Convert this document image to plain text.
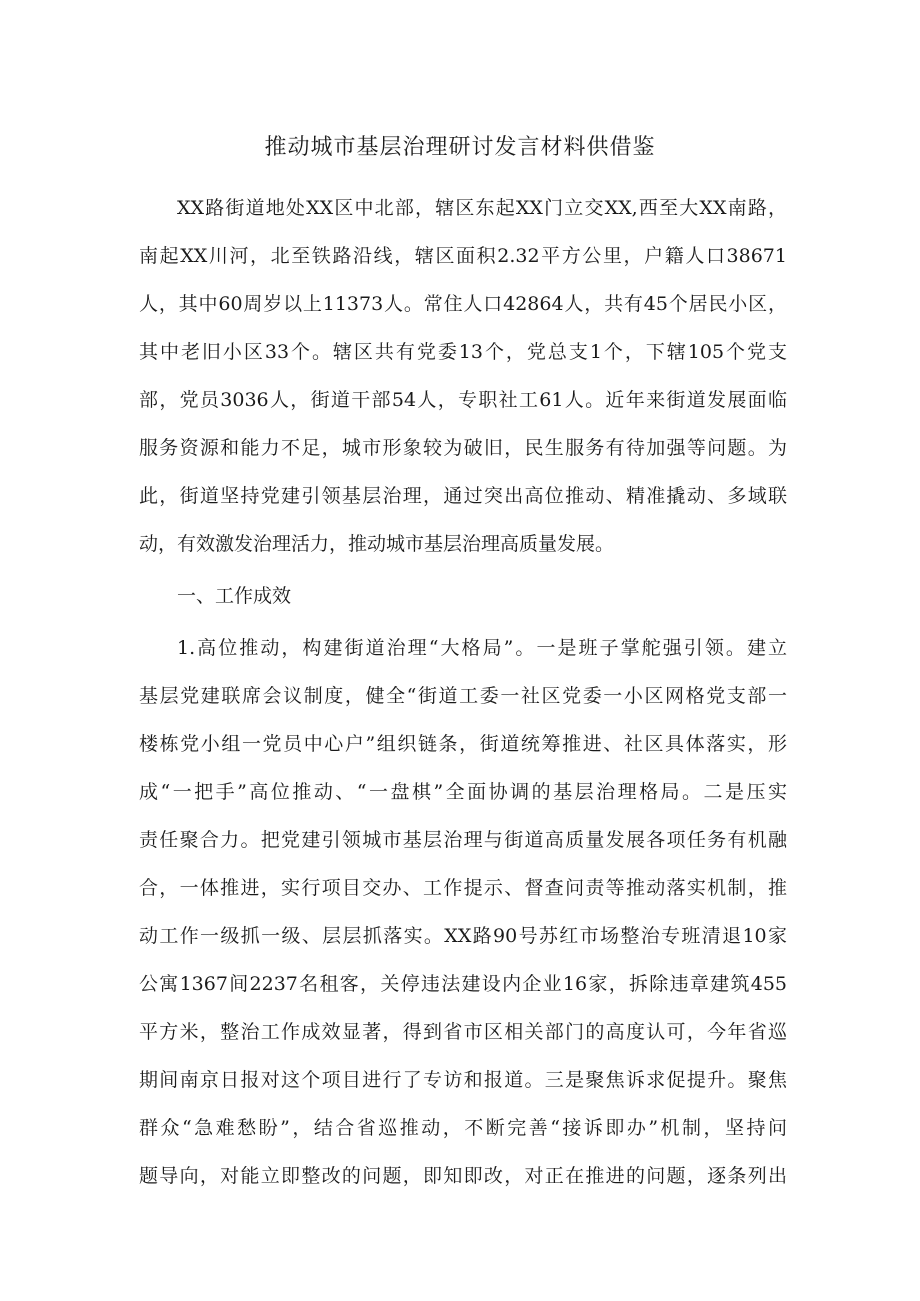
推动城市基层治理研讨发言材料供借鉴
XX路街道地处XX区中北部，辖区东起XX门立交XX,西至大XX南路，
南起XX川河，北至铁路沿线，辖区面积2.32平方公里，户籍人口38671
人，其中60周岁以上11373人。常住人口42864人，共有45个居民小区，
其中老旧小区33个。辖区共有党委13个，党总支1个，下辖105个党支
部，党员3036人，街道干部54人，专职社工61人。近年来街道发展面临
服务资源和能力不足，城市形象较为破旧，民生服务有待加强等问题。为
此，街道坚持党建引领基层治理，通过突出高位推动、精准撬动、多域联
动，有效激发治理活力，推动城市基层治理高质量发展。
一、工作成效
1.高位推动，构建街道治理“大格局”。一是班子掌舵强引领。建立
基层党建联席会议制度，健全“街道工委一社区党委一小区网格党支部一
楼栋党小组一党员中心户”组织链条，街道统筹推进、社区具体落实，形
成“一把手”高位推动、“一盘棋”全面协调的基层治理格局。二是压实
责任聚合力。把党建引领城市基层治理与街道高质量发展各项任务有机融
合，一体推进，实行项目交办、工作提示、督查问责等推动落实机制，推
动工作一级抓一级、层层抓落实。XX路90号苏红市场整治专班清退10家
公寓1367间2237名租客，关停违法建设内企业16家，拆除违章建筑455
平方米，整治工作成效显著，得到省市区相关部门的高度认可，今年省巡
期间南京日报对这个项目进行了专访和报道。三是聚焦诉求促提升。聚焦
群众“急难愁盼”，结合省巡推动，不断完善“接诉即办”机制，坚持问
题导向，对能立即整改的问题，即知即改，对正在推进的问题，逐条列出
